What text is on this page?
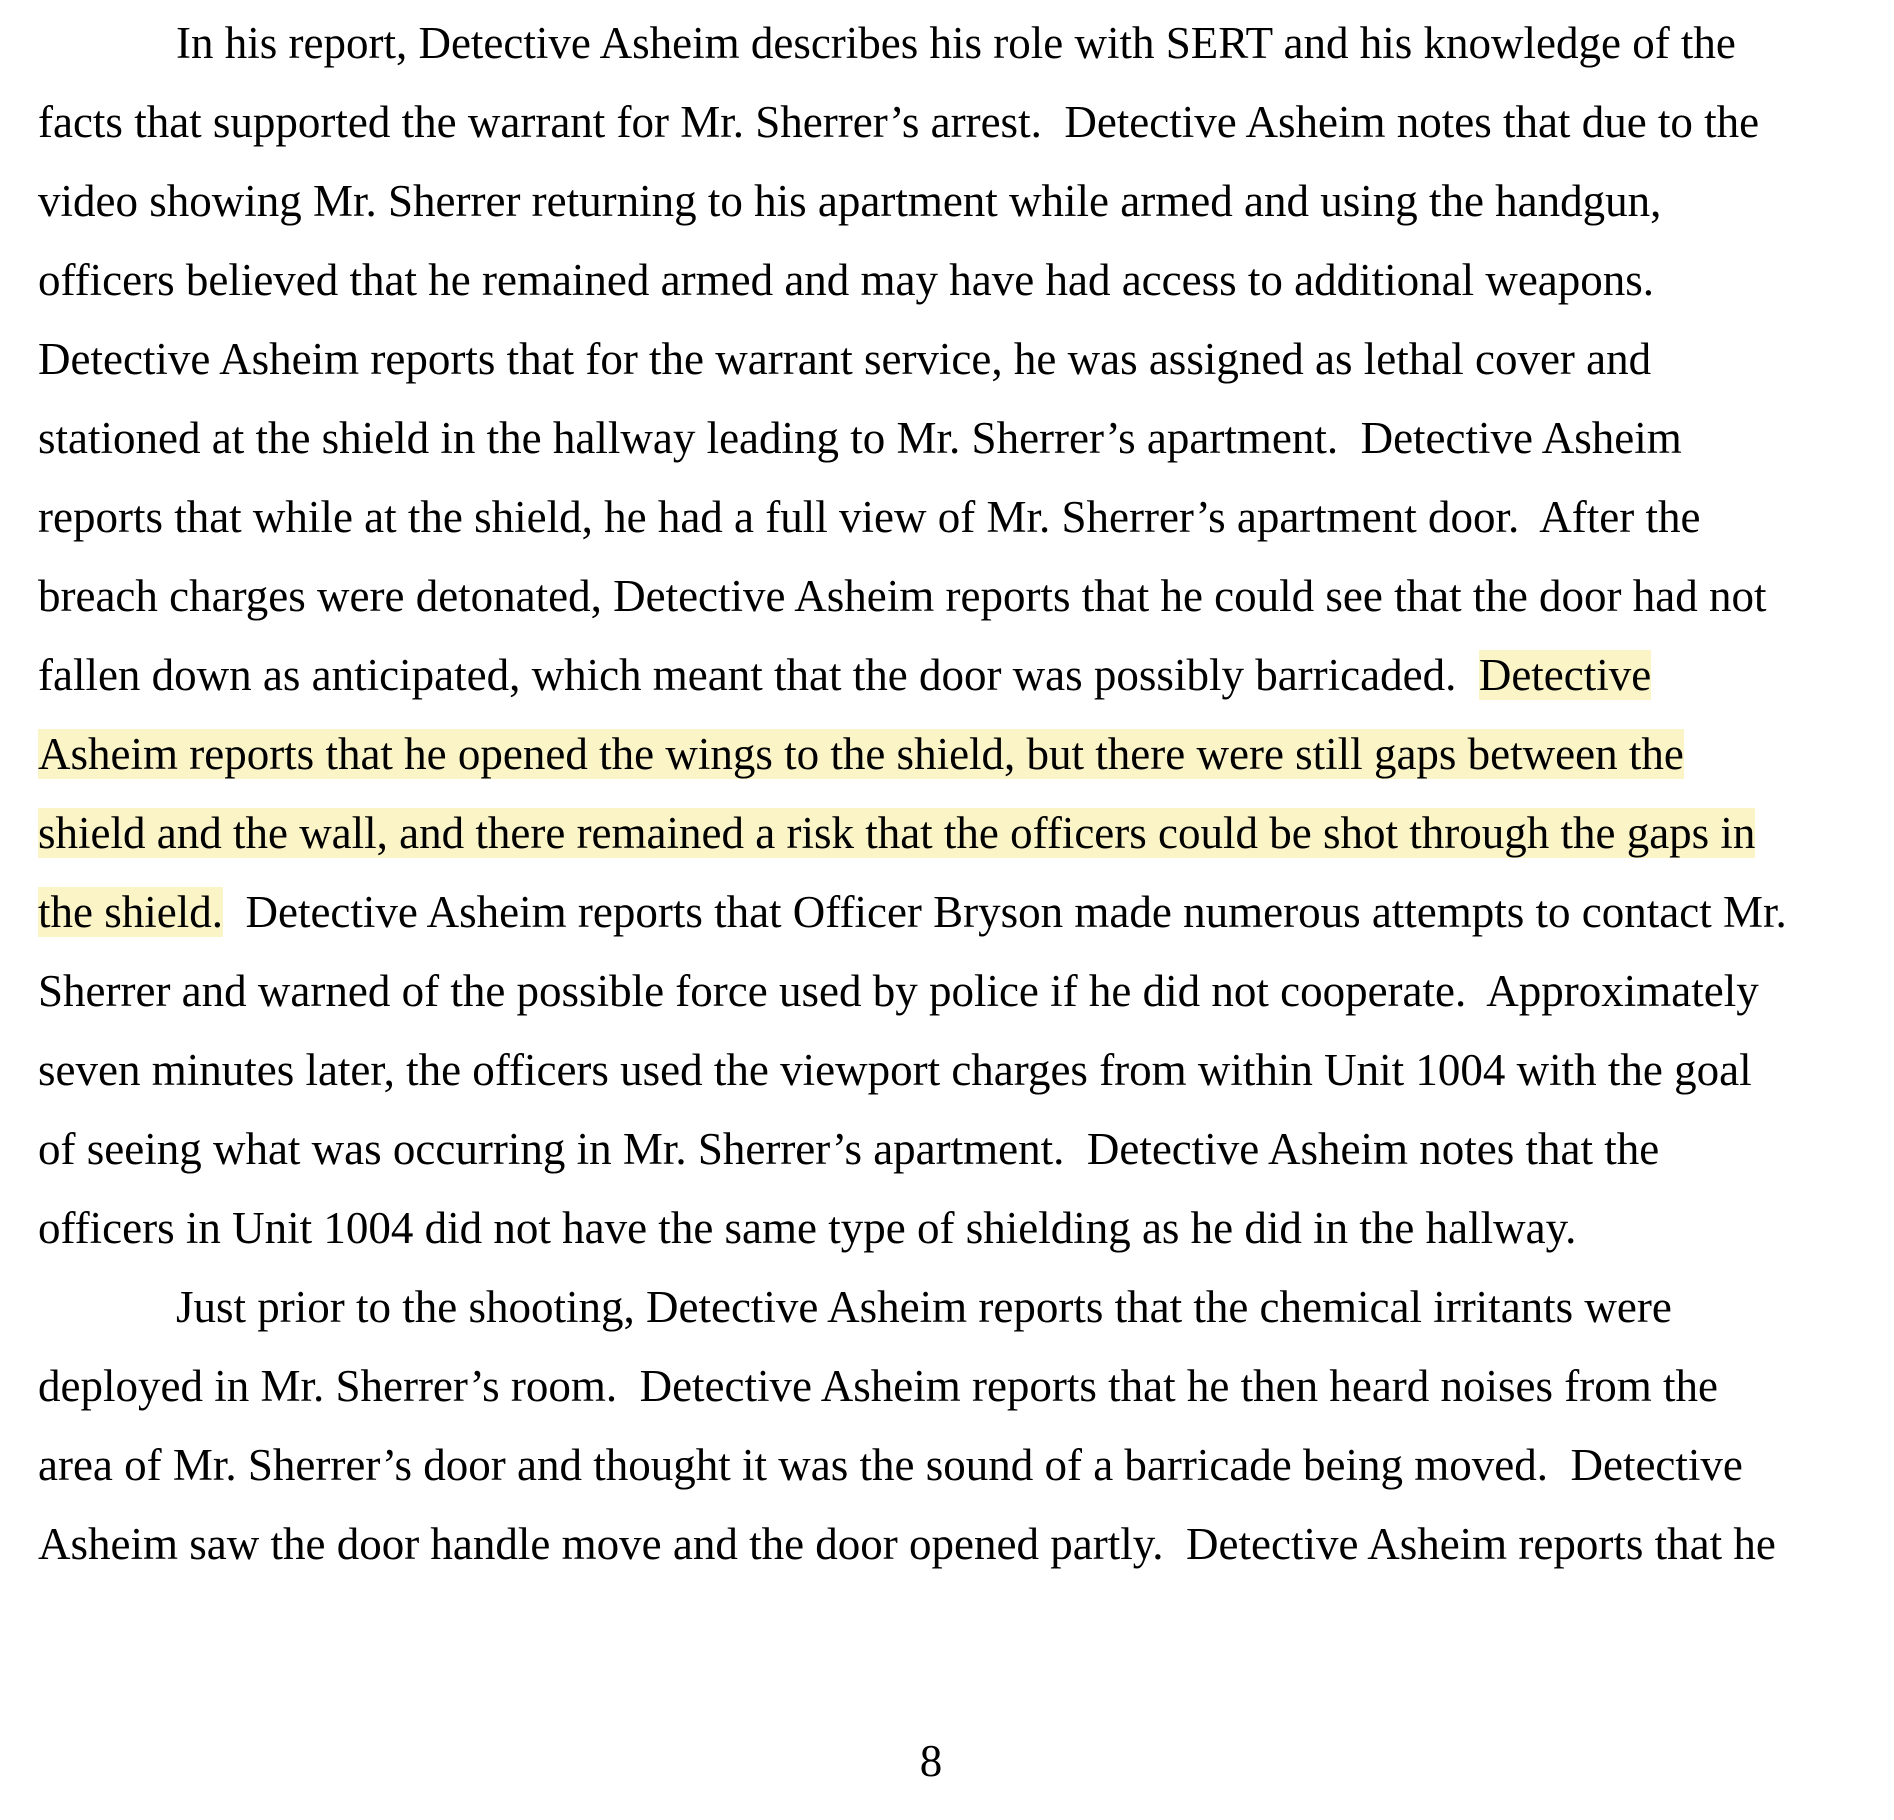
In his report, Detective Asheim describes his role with SERT and his knowledge of the
facts that supported the warrant for Mr. Sherrer’s arrest.  Detective Asheim notes that due to the
video showing Mr. Sherrer returning to his apartment while armed and using the handgun,
officers believed that he remained armed and may have had access to additional weapons.
Detective Asheim reports that for the warrant service, he was assigned as lethal cover and
stationed at the shield in the hallway leading to Mr. Sherrer’s apartment.  Detective Asheim
reports that while at the shield, he had a full view of Mr. Sherrer’s apartment door.  After the
breach charges were detonated, Detective Asheim reports that he could see that the door had not
fallen down as anticipated, which meant that the door was possibly barricaded.  Detective
Asheim reports that he opened the wings to the shield, but there were still gaps between the
shield and the wall, and there remained a risk that the officers could be shot through the gaps in
the shield.  Detective Asheim reports that Officer Bryson made numerous attempts to contact Mr.
Sherrer and warned of the possible force used by police if he did not cooperate.  Approximately
seven minutes later, the officers used the viewport charges from within Unit 1004 with the goal
of seeing what was occurring in Mr. Sherrer’s apartment.  Detective Asheim notes that the
officers in Unit 1004 did not have the same type of shielding as he did in the hallway.
Just prior to the shooting, Detective Asheim reports that the chemical irritants were
deployed in Mr. Sherrer’s room.  Detective Asheim reports that he then heard noises from the
area of Mr. Sherrer’s door and thought it was the sound of a barricade being moved.  Detective
Asheim saw the door handle move and the door opened partly.  Detective Asheim reports that he
8
